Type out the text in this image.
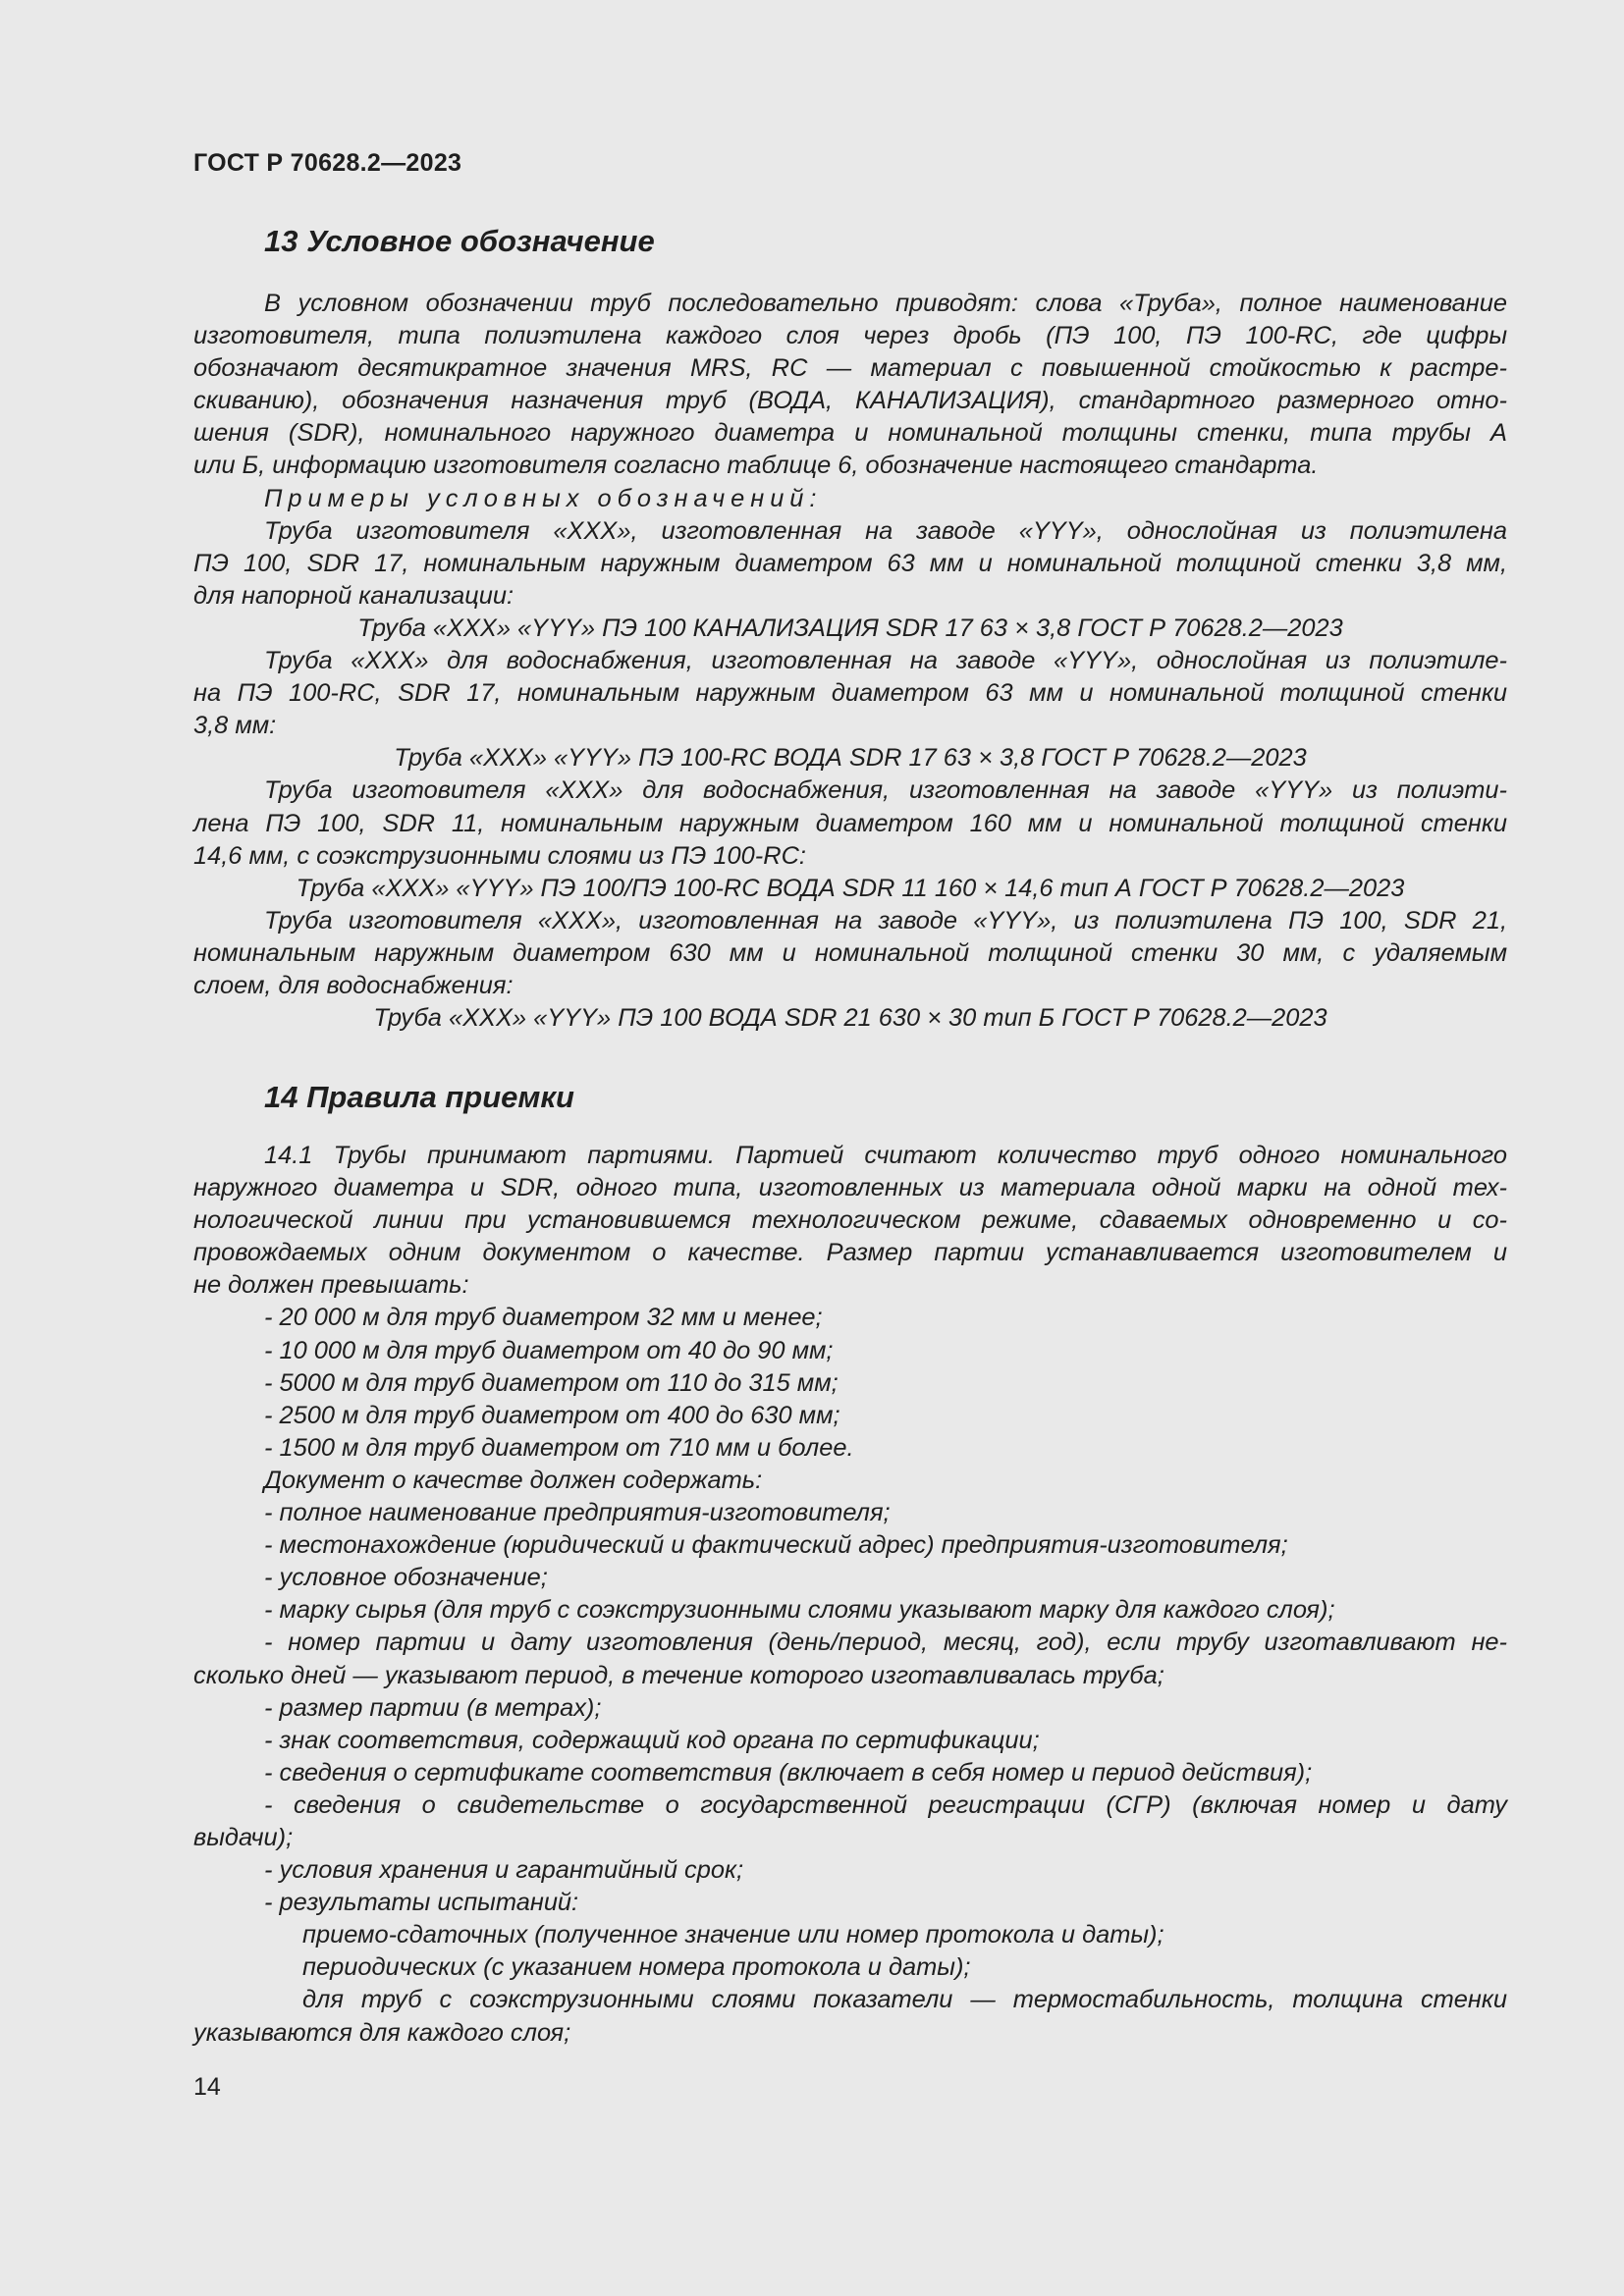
ГОСТ Р 70628.2—2023
13 Условное обозначение

В условном обозначении труб последовательно приводят: слова «Труба», полное наименование

изготовителя, типа полиэтилена каждого слоя через дробь (ПЭ 100, ПЭ 100-RC, где цифры

обозначают десятикратное значения MRS, RC — материал с повышенной стойкостью к растре-

скиванию), обозначения назначения труб (ВОДА, КАНАЛИЗАЦИЯ), стандартного размерного отно-

шения (SDR), номинального наружного диаметра и номинальной толщины стенки, типа трубы А

или Б, информацию изготовителя согласно таблице 6, обозначение настоящего стандарта.

Примеры условных обозначений:

Труба изготовителя «XXX», изготовленная на заводе «YYY», однослойная из полиэтилена

ПЭ 100, SDR 17, номинальным наружным диаметром 63 мм и номинальной толщиной стенки 3,8 мм,

для напорной канализации:

Труба «XXX» «YYY» ПЭ 100 КАНАЛИЗАЦИЯ SDR 17 63 × 3,8 ГОСТ Р 70628.2—2023

Труба «XXX» для водоснабжения, изготовленная на заводе «YYY», однослойная из полиэтиле-

на ПЭ 100-RC, SDR 17, номинальным наружным диаметром 63 мм и номинальной толщиной стенки

3,8 мм:

Труба «XXX» «YYY» ПЭ 100-RC ВОДА SDR 17 63 × 3,8 ГОСТ Р 70628.2—2023

Труба изготовителя «XXX» для водоснабжения, изготовленная на заводе «YYY» из полиэти-

лена ПЭ 100, SDR 11, номинальным наружным диаметром 160 мм и номинальной толщиной стенки

14,6 мм, с соэкструзионными слоями из ПЭ 100-RC:

Труба «XXX» «YYY» ПЭ 100/ПЭ 100-RC ВОДА SDR 11 160 × 14,6 тип А ГОСТ Р 70628.2—2023

Труба изготовителя «XXX», изготовленная на заводе «YYY», из полиэтилена ПЭ 100, SDR 21,

номинальным наружным диаметром 630 мм и номинальной толщиной стенки 30 мм, с удаляемым

слоем, для водоснабжения:

Труба «XXX» «YYY» ПЭ 100 ВОДА SDR 21 630 × 30 тип Б ГОСТ Р 70628.2—2023

14 Правила приемки

14.1 Трубы принимают партиями. Партией считают количество труб одного номинального

наружного диаметра и SDR, одного типа, изготовленных из материала одной марки на одной тех-

нологической линии при установившемся технологическом режиме, сдаваемых одновременно и со-

провождаемых одним документом о качестве. Размер партии устанавливается изготовителем и

не должен превышать:

- 20 000 м для труб диаметром 32 мм и менее;

- 10 000 м для труб диаметром от 40 до 90 мм;

- 5000 м для труб диаметром от 110 до 315 мм;

- 2500 м для труб диаметром от 400 до 630 мм;

- 1500 м для труб диаметром от 710 мм и более.

Документ о качестве должен содержать:

- полное наименование предприятия-изготовителя;

- местонахождение (юридический и фактический адрес) предприятия-изготовителя;

- условное обозначение;

- марку сырья (для труб с соэкструзионными слоями указывают марку для каждого слоя);

- номер партии и дату изготовления (день/период, месяц, год), если трубу изготавливают не-

сколько дней — указывают период, в течение которого изготавливалась труба;

- размер партии (в метрах);

- знак соответствия, содержащий код органа по сертификации;

- сведения о сертификате соответствия (включает в себя номер и период действия);

- сведения о свидетельстве о государственной регистрации (СГР) (включая номер и дату

выдачи);

- условия хранения и гарантийный срок;

- результаты испытаний:

приемо-сдаточных (полученное значение или номер протокола и даты);

периодических (с указанием номера протокола и даты);

для труб с соэкструзионными слоями показатели — термостабильность, толщина стенки

указываются для каждого слоя;

14
